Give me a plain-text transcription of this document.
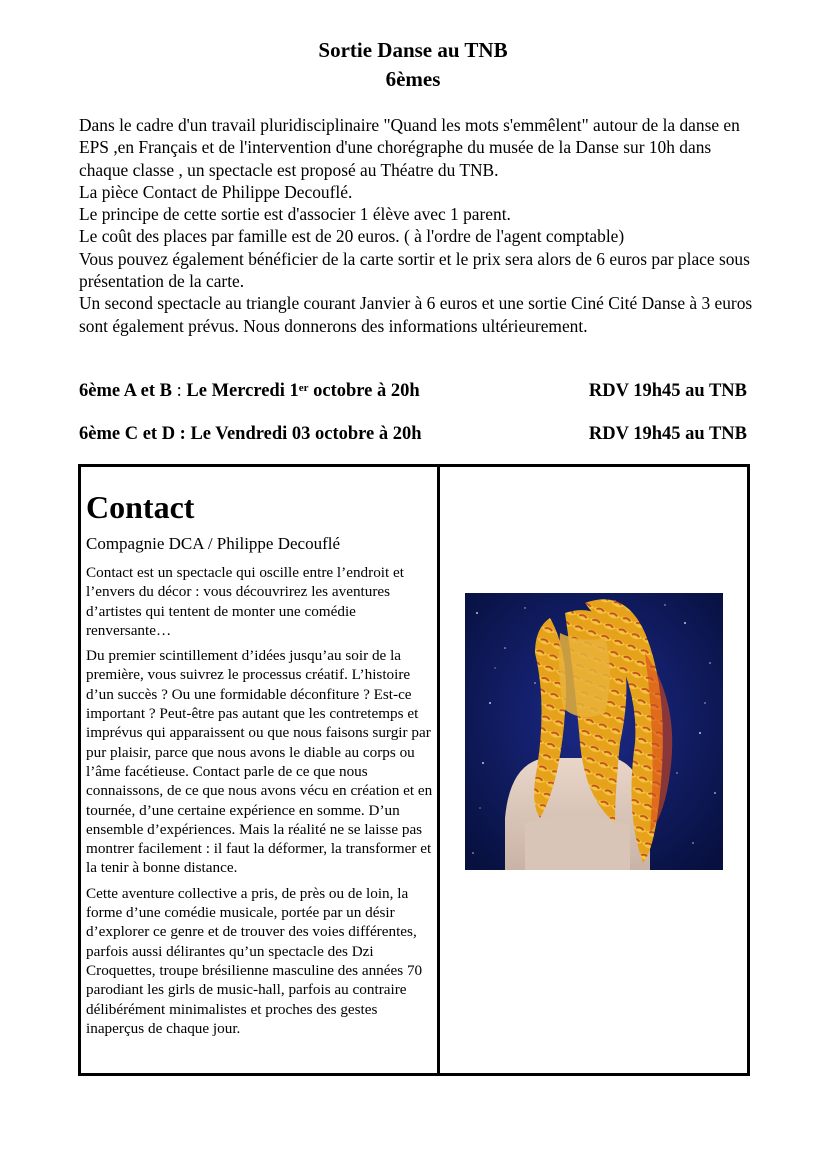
Sortie Danse au TNB
6èmes

Dans le cadre d'un travail pluridisciplinaire "Quand les mots s'emmêlent" autour de la danse en EPS ,en Français et de l'intervention d'une chorégraphe du musée de la Danse sur 10h dans chaque classe , un spectacle est proposé au Théatre du TNB.

La pièce Contact de Philippe Decouflé.

Le principe de cette sortie est d'associer 1 élève avec 1 parent.

Le coût des places par famille est de 20 euros. ( à l'ordre de l'agent comptable)

Vous pouvez également bénéficier de la carte sortir et le prix sera alors de 6 euros par place sous présentation de la carte.

Un second spectacle au triangle courant Janvier à 6 euros et une sortie Ciné Cité Danse à 3 euros sont également prévus. Nous donnerons des informations ultérieurement.

6ème A et B : Le Mercredi 1er octobre à 20h	RDV 19h45 au TNB
6ème C et D : Le Vendredi 03 octobre à 20h	RDV 19h45 au TNB
Contact

Compagnie DCA / Philippe Decouflé

Contact est un spectacle qui oscille entre l’endroit et l’envers du décor : vous découvrirez les aventures d’artistes qui tentent de monter une comédie renversante…

Du premier scintillement d’idées jusqu’au soir de la première, vous suivrez le processus créatif. L’histoire d’un succès ? Ou une formidable déconfiture ? Est-ce important ? Peut-être pas autant que les contretemps et imprévus qui apparaissent ou que nous faisons surgir par pur plaisir, parce que nous avons le diable au corps ou l’âme facétieuse. Contact parle de ce que nous connaissons, de ce que nous avons vécu en création et en tournée, d’une certaine expérience en somme. D’un ensemble d’expériences. Mais la réalité ne se laisse pas montrer facilement : il faut la déformer, la transformer et la tenir à bonne distance.

Cette aventure collective a pris, de près ou de loin, la forme d’une comédie musicale, portée par un désir d’explorer ce genre et de trouver des voies différentes, parfois aussi délirantes qu’un spectacle des Dzi Croquettes, troupe brésilienne masculine des années 70 parodiant les girls de music-hall, parfois au contraire délibérément minimalistes et proches des gestes inaperçus de chaque jour.
